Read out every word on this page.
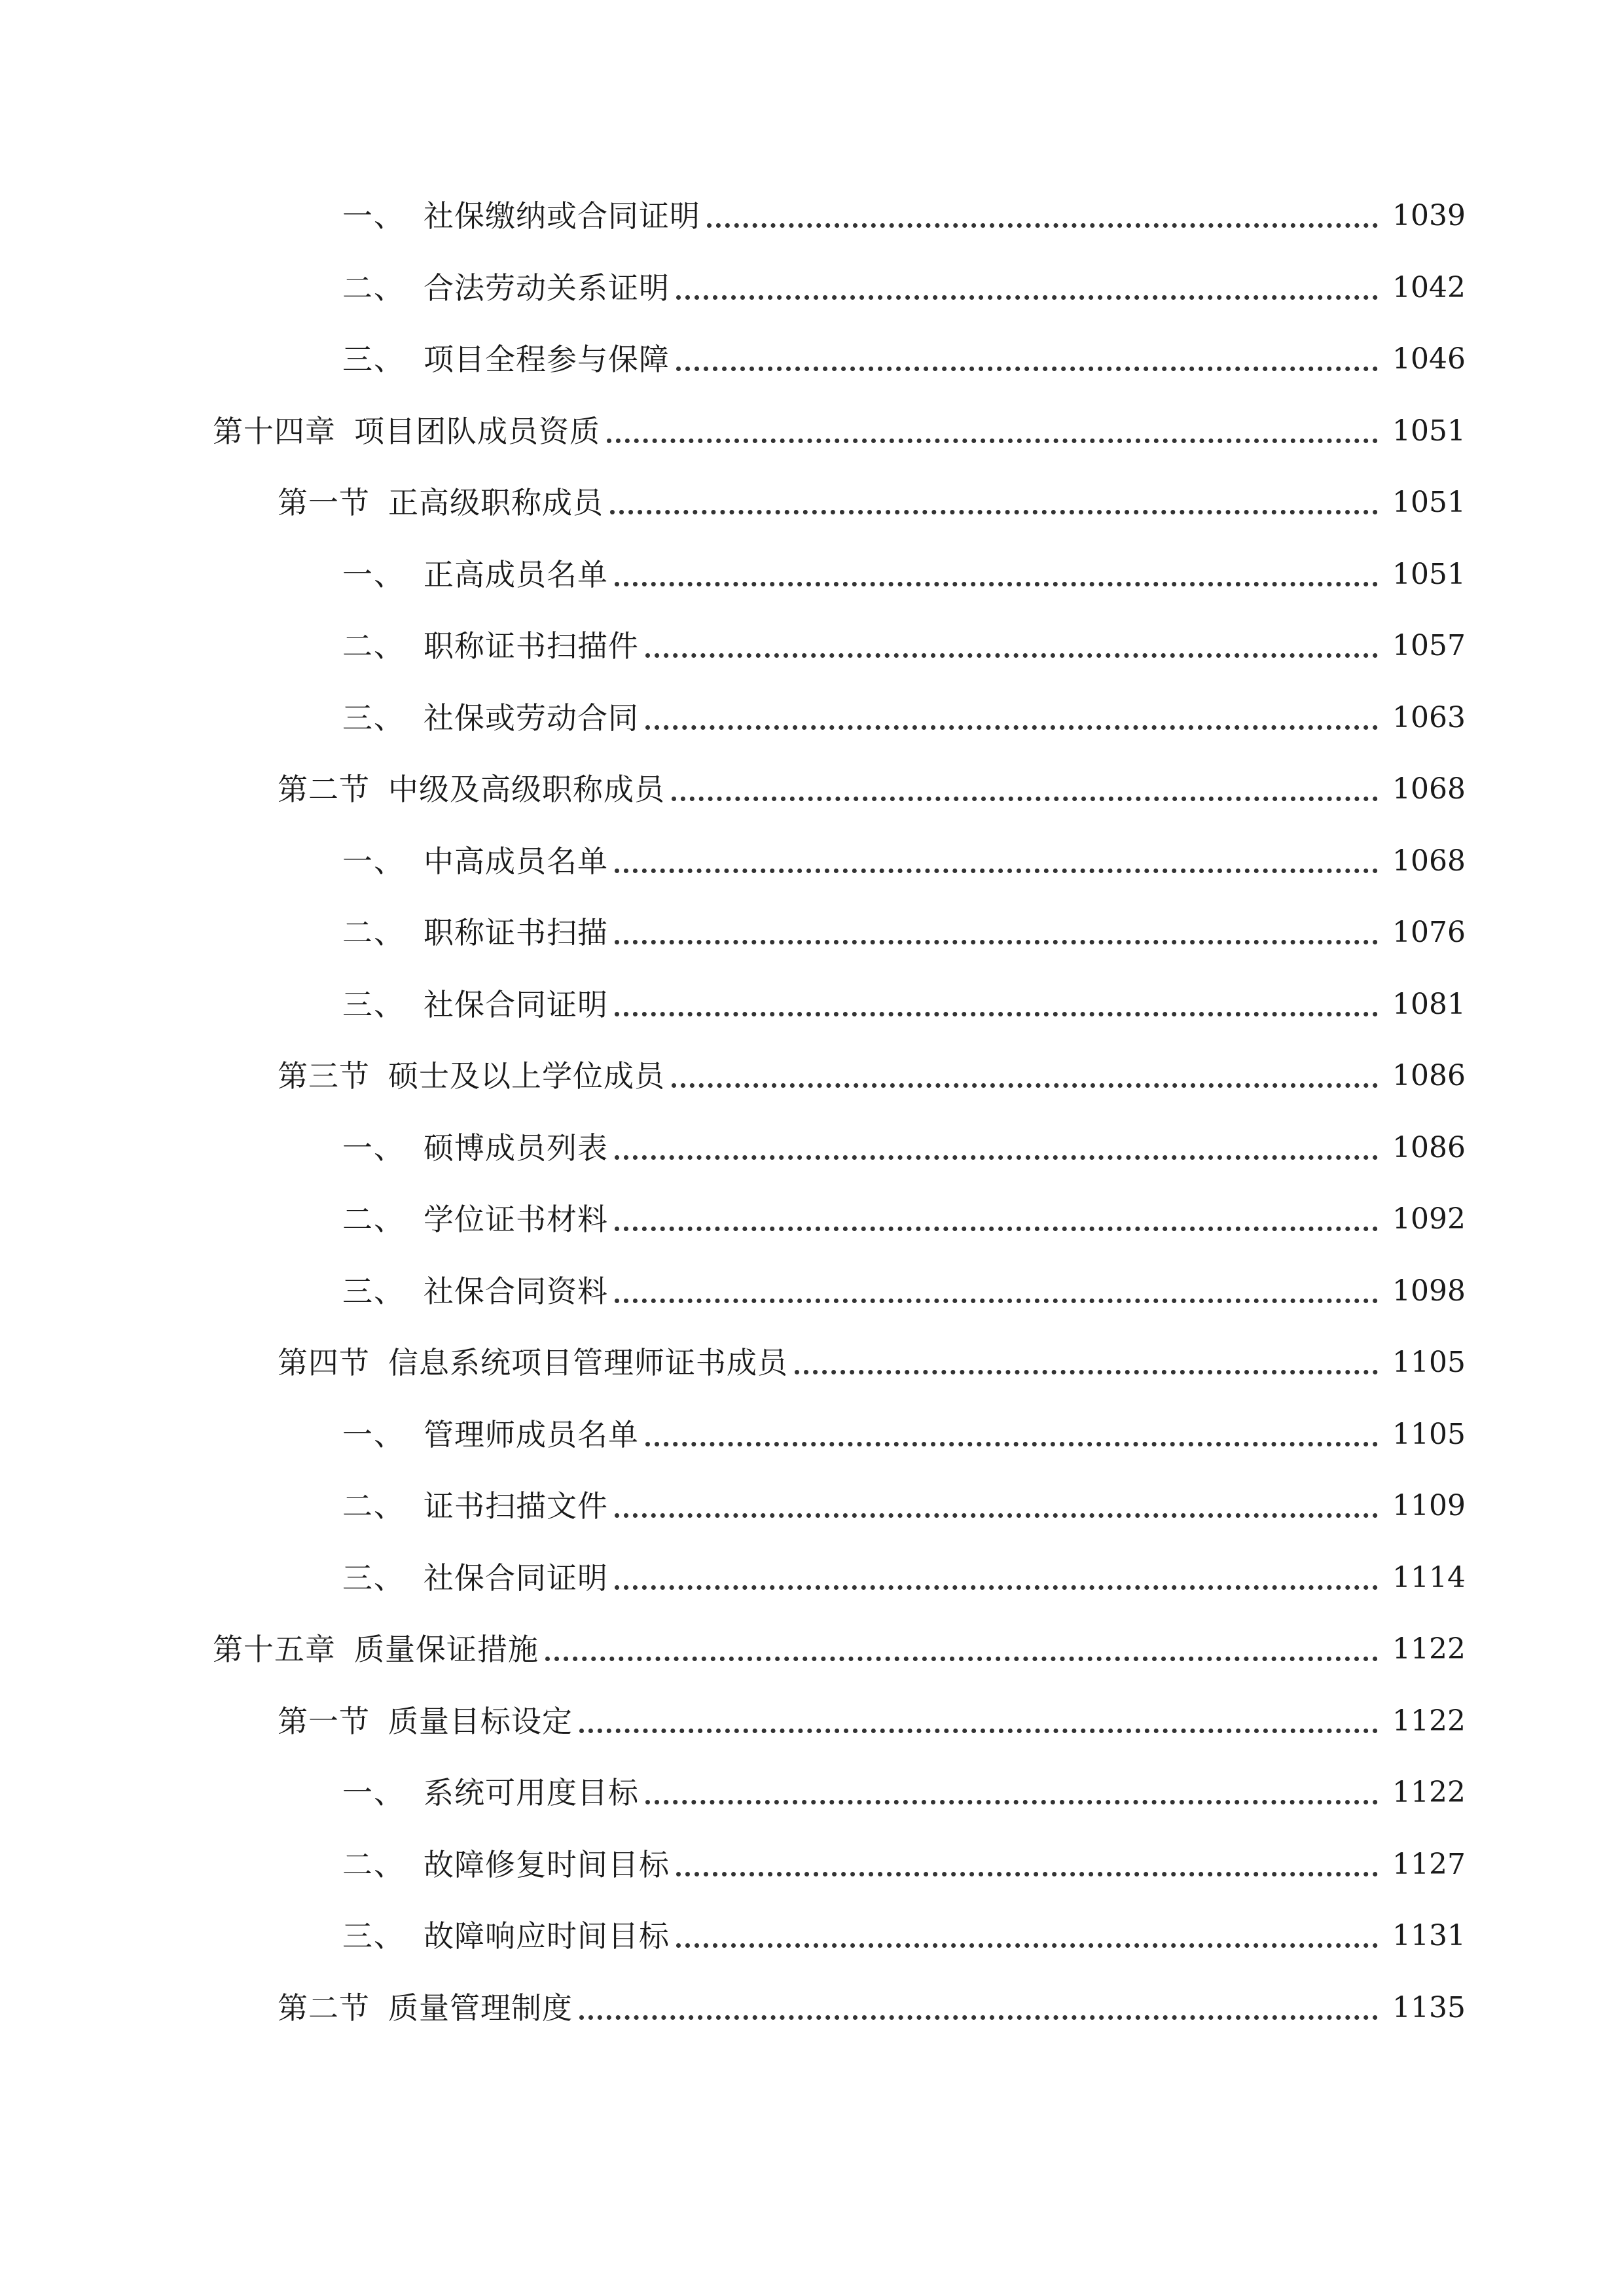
一、 社保缴纳或合同证明	1039
二、 合法劳动关系证明	1042
三、 项目全程参与保障	1046
第十四章 项目团队成员资质	1051
第一节 正高级职称成员	1051
一、 正高成员名单	1051
二、 职称证书扫描件	1057
三、 社保或劳动合同	1063
第二节 中级及高级职称成员	1068
一、 中高成员名单	1068
二、 职称证书扫描	1076
三、 社保合同证明	1081
第三节 硕士及以上学位成员	1086
一、 硕博成员列表	1086
二、 学位证书材料	1092
三、 社保合同资料	1098
第四节 信息系统项目管理师证书成员	1105
一、 管理师成员名单	1105
二、 证书扫描文件	1109
三、 社保合同证明	1114
第十五章 质量保证措施	1122
第一节 质量目标设定	1122
一、 系统可用度目标	1122
二、 故障修复时间目标	1127
三、 故障响应时间目标	1131
第二节 质量管理制度	1135
